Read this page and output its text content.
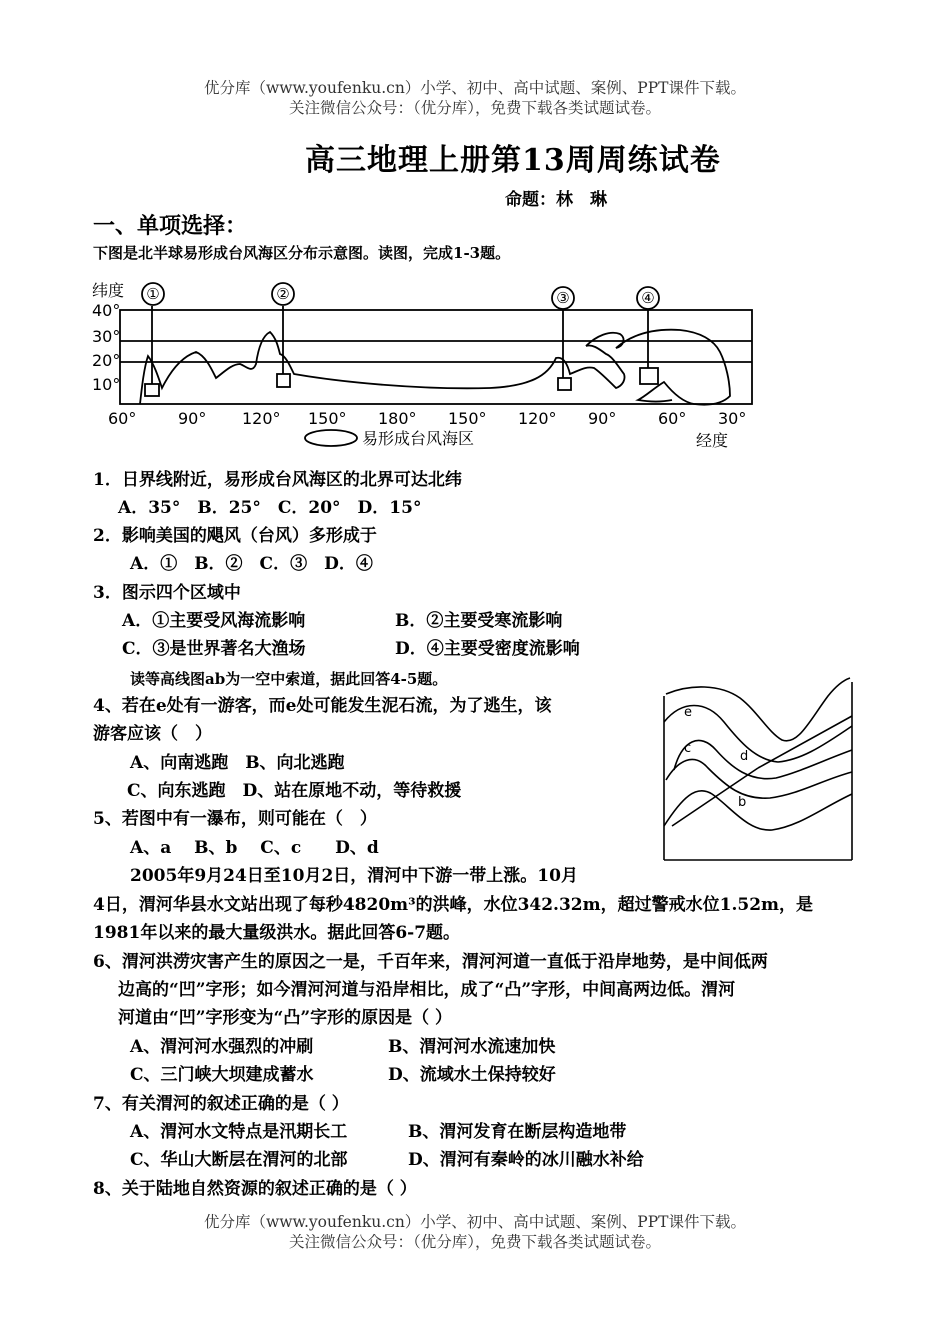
优分库（www.youfenku.cn）小学、初中、高中试题、案例、PPT课件下载。
关注微信公众号：（优分库），免费下载各类试题试卷。
高三地理上册第13周周练试卷
命题：林　琳
一、单项选择：
下图是北半球易形成台风海区分布示意图。读图，完成1-3题。
①	②	③	④
纬度
40°
30°
20°
10°
60°	90° 120° 150° 180° 150° 120° 90°	60° 30°
经度
易形成台风海区
1．日界线附近，易形成台风海区的北界可达北纬
A．35°　B．25°　C．20°　D．15°
2．影响美国的飓风（台风）多形成于
A．①　B．②　C．③　D．④
3．图示四个区域中
A．①主要受风海流影响	B．②主要受寒流影响
C．③是世界著名大渔场	D．④主要受密度流影响
读等高线图ab为一空中索道，据此回答4-5题。
4、若在e处有一游客，而e处可能发生泥石流，为了逃生，该
游客应该（　）
A、向南逃跑　B、向北逃跑
C、向东逃跑　D、站在原地不动，等待救援
5、若图中有一瀑布，则可能在（　）
A、a　 B、b　 C、c　　D、d
e
c
d
b
2005年9月24日至10月2日，渭河中下游一带上涨。10月
4日，渭河华县水文站出现了每秒4820m³的洪峰，水位342.32m，超过警戒水位1.52m，是
1981年以来的最大量级洪水。据此回答6-7题。
6、渭河洪涝灾害产生的原因之一是，千百年来，渭河河道一直低于沿岸地势，是中间低两
边高的“凹”字形；如今渭河河道与沿岸相比，成了“凸”字形，中间高两边低。渭河
河道由“凹”字形变为“凸”字形的原因是（ ）
A、渭河河水强烈的冲刷	B、渭河河水流速加快
C、三门峡大坝建成蓄水	D、流域水土保持较好
7、有关渭河的叙述正确的是（ ）
A、渭河水文特点是汛期长工	B、渭河发育在断层构造地带
C、华山大断层在渭河的北部	D、渭河有秦岭的冰川融水补给
8、关于陆地自然资源的叙述正确的是（ ）
优分库（www.youfenku.cn）小学、初中、高中试题、案例、PPT课件下载。
关注微信公众号：（优分库），免费下载各类试题试卷。
